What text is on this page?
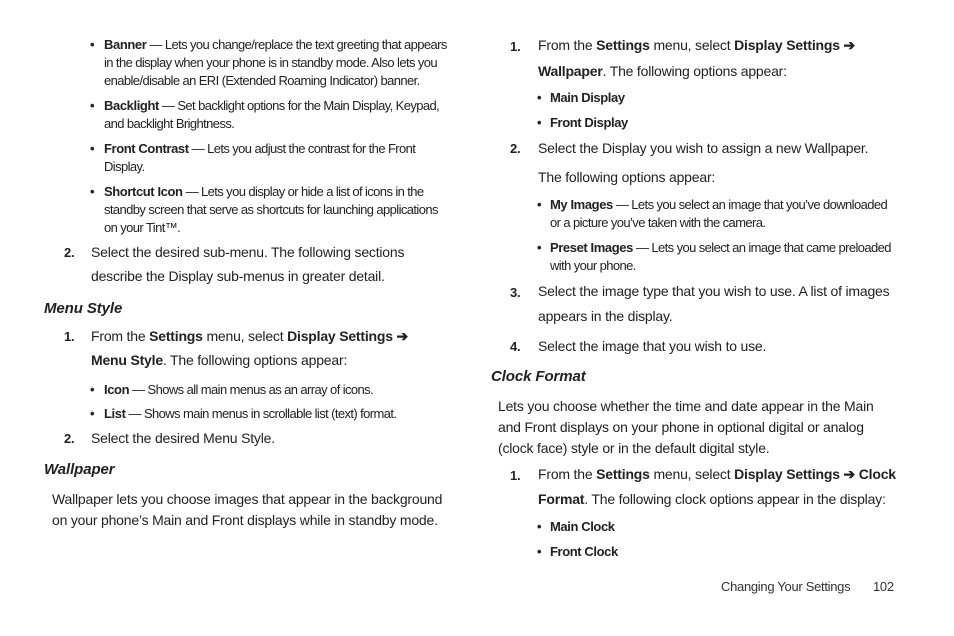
• Banner — Lets you change/replace the text greeting that appears in the display when your phone is in standby mode. Also lets you enable/disable an ERI (Extended Roaming Indicator) banner.
• Backlight — Set backlight options for the Main Display, Keypad, and backlight Brightness.
• Front Contrast — Lets you adjust the contrast for the Front Display.
• Shortcut Icon — Lets you display or hide a list of icons in the standby screen that serve as shortcuts for launching applications on your Tint™.
2.	Select the desired sub-menu. The following sections describe the Display sub-menus in greater detail.
Menu Style
1.	From the Settings menu, select Display Settings ➔ Menu Style. The following options appear:
• Icon — Shows all main menus as an array of icons.
• List — Shows main menus in scrollable list (text) format.
2.	Select the desired Menu Style.
Wallpaper
Wallpaper lets you choose images that appear in the background on your phone’s Main and Front displays while in standby mode.
1.	From the Settings menu, select Display Settings ➔ Wallpaper. The following options appear:
• Main Display
• Front Display
2.	Select the Display you wish to assign a new Wallpaper.
The following options appear:
• My Images — Lets you select an image that you’ve downloaded or a picture you’ve taken with the camera.
• Preset Images — Lets you select an image that came preloaded with your phone.
3.	Select the image type that you wish to use. A list of images appears in the display.
4.	Select the image that you wish to use.
Clock Format
Lets you choose whether the time and date appear in the Main and Front displays on your phone in optional digital or analog (clock face) style or in the default digital style.
1.	From the Settings menu, select Display Settings ➔ Clock Format. The following clock options appear in the display:
• Main Clock
• Front Clock
Changing Your Settings 102
